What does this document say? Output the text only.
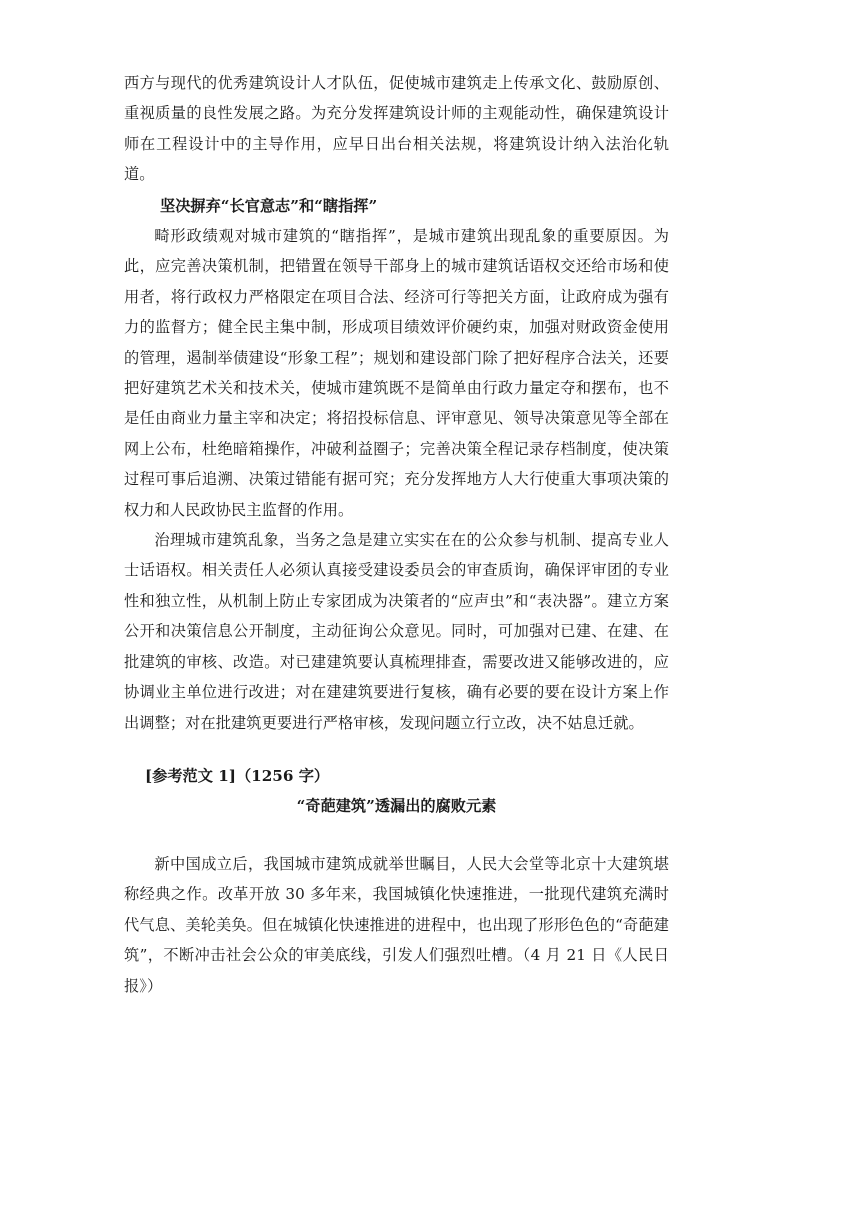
西方与现代的优秀建筑设计人才队伍，促使城市建筑走上传承文化、鼓励原创、重视质量的良性发展之路。为充分发挥建筑设计师的主观能动性，确保建筑设计师在工程设计中的主导作用，应早日出台相关法规，将建筑设计纳入法治化轨道。

坚决摒弃“长官意志”和“瞎指挥”

畸形政绩观对城市建筑的“瞎指挥”，是城市建筑出现乱象的重要原因。为此，应完善决策机制，把错置在领导干部身上的城市建筑话语权交还给市场和使用者，将行政权力严格限定在项目合法、经济可行等把关方面，让政府成为强有力的监督方；健全民主集中制，形成项目绩效评价硬约束，加强对财政资金使用的管理，遏制举债建设“形象工程”；规划和建设部门除了把好程序合法关，还要把好建筑艺术关和技术关，使城市建筑既不是简单由行政力量定夺和摆布，也不是任由商业力量主宰和决定；将招投标信息、评审意见、领导决策意见等全部在网上公布，杜绝暗箱操作，冲破利益圈子；完善决策全程记录存档制度，使决策过程可事后追溯、决策过错能有据可究；充分发挥地方人大行使重大事项决策的权力和人民政协民主监督的作用。

治理城市建筑乱象，当务之急是建立实实在在的公众参与机制、提高专业人士话语权。相关责任人必须认真接受建设委员会的审查质询，确保评审团的专业性和独立性，从机制上防止专家团成为决策者的“应声虫”和“表决器”。建立方案公开和决策信息公开制度，主动征询公众意见。同时，可加强对已建、在建、在批建筑的审核、改造。对已建建筑要认真梳理排查，需要改进又能够改进的，应协调业主单位进行改进；对在建建筑要进行复核，确有必要的要在设计方案上作出调整；对在批建筑更要进行严格审核，发现问题立行立改，决不姑息迁就。

[参考范文 1]（1256 字）
“奇葩建筑”透漏出的腐败元素

新中国成立后，我国城市建筑成就举世瞩目，人民大会堂等北京十大建筑堪称经典之作。改革开放 30 多年来，我国城镇化快速推进，一批现代建筑充满时代气息、美轮美奂。但在城镇化快速推进的进程中，也出现了形形色色的“奇葩建筑”，不断冲击社会公众的审美底线，引发人们强烈吐槽。（4 月 21 日《人民日报》）
